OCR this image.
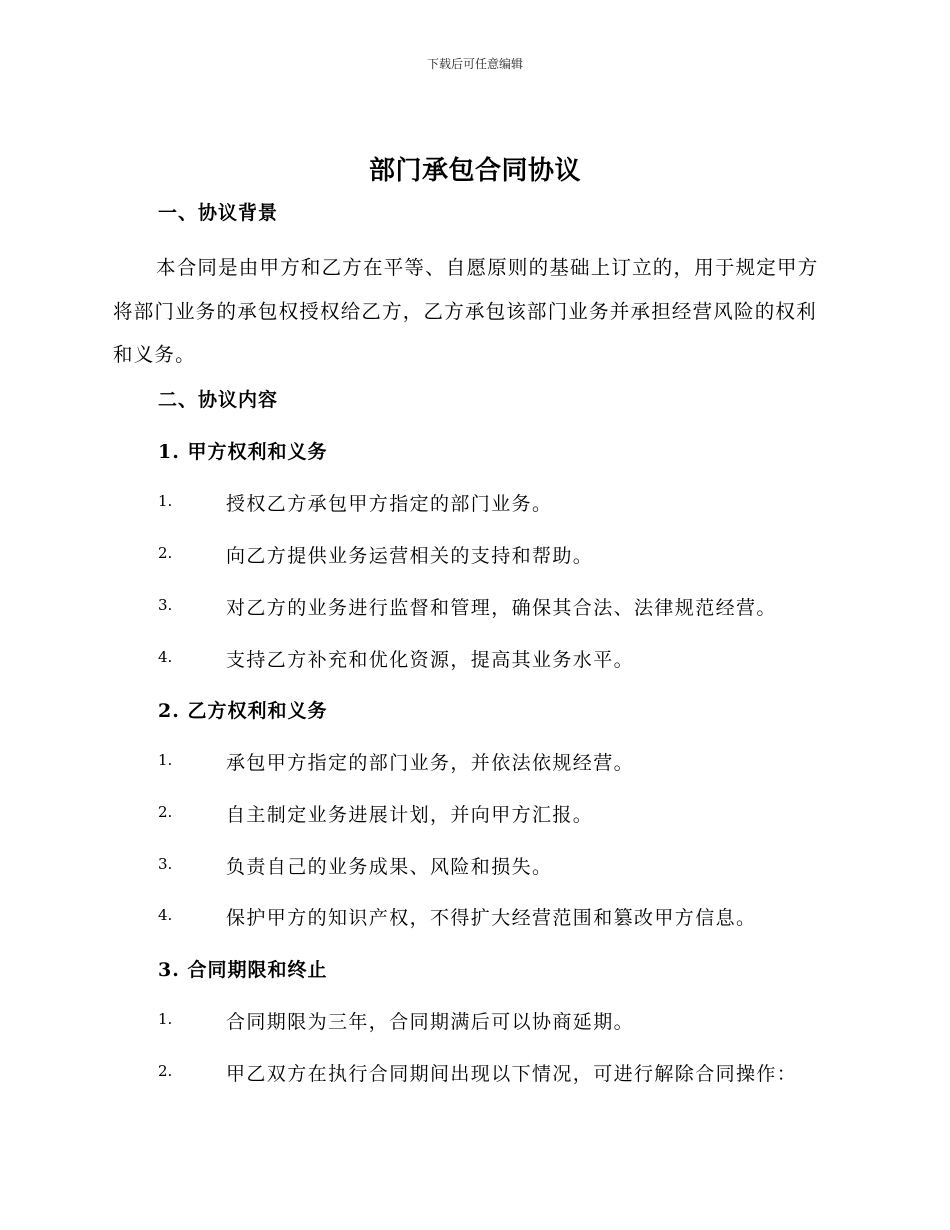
下载后可任意编辑
部门承包合同协议
一、协议背景
本合同是由甲方和乙方在平等、自愿原则的基础上订立的，用于规定甲方将部门业务的承包权授权给乙方，乙方承包该部门业务并承担经营风险的权利和义务。
二、协议内容
1. 甲方权利和义务
1.	授权乙方承包甲方指定的部门业务。
2.	向乙方提供业务运营相关的支持和帮助。
3.	对乙方的业务进行监督和管理，确保其合法、法律规范经营。
4.	支持乙方补充和优化资源，提高其业务水平。
2. 乙方权利和义务
1.	承包甲方指定的部门业务，并依法依规经营。
2.	自主制定业务进展计划，并向甲方汇报。
3.	负责自己的业务成果、风险和损失。
4.	保护甲方的知识产权，不得扩大经营范围和篡改甲方信息。
3. 合同期限和终止
1.	合同期限为三年，合同期满后可以协商延期。
2.	甲乙双方在执行合同期间出现以下情况，可进行解除合同操作：
